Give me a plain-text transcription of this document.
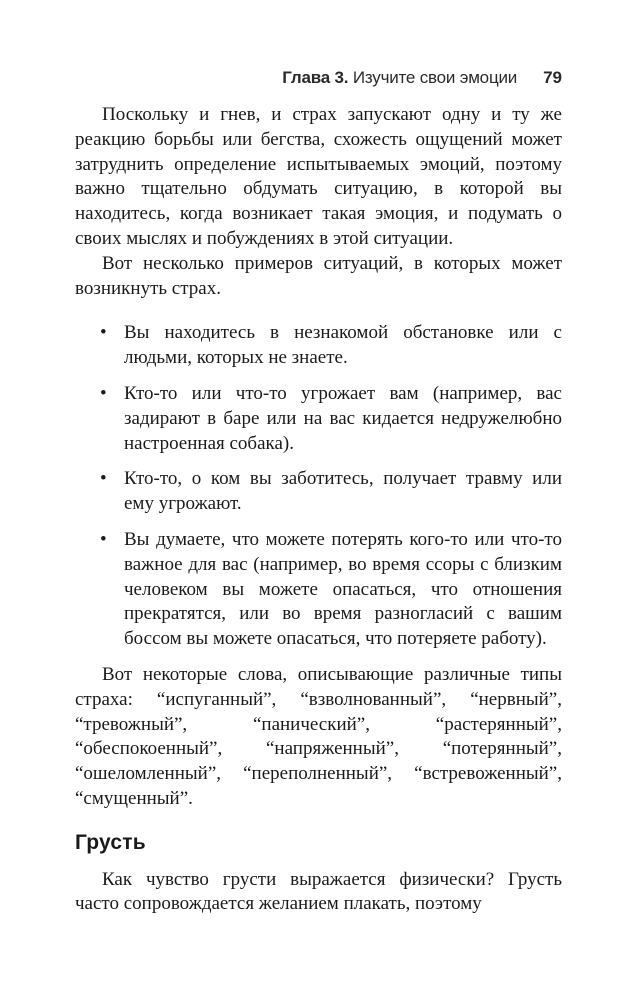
Глава 3. Изучите свои эмоции 79

Поскольку и гнев, и страх запускают одну и ту же реакцию борьбы или бегства, схожесть ощущений может затруднить определение испытываемых эмоций, поэтому важно тщательно обдумать ситуацию, в которой вы находитесь, когда возникает такая эмоция, и подумать о своих мыслях и побуждениях в этой ситуации.

Вот несколько примеров ситуаций, в которых может возникнуть страх.

• Вы находитесь в незнакомой обстановке или с людьми, которых не знаете.
• Кто-то или что-то угрожает вам (например, вас задирают в баре или на вас кидается недружелюбно настроенная собака).
• Кто-то, о ком вы заботитесь, получает травму или ему угрожают.
• Вы думаете, что можете потерять кого-то или что-то важное для вас (например, во время ссоры с близким человеком вы можете опасаться, что отношения прекратятся, или во время разногласий с вашим боссом вы можете опасаться, что потеряете работу).

Вот некоторые слова, описывающие различные типы страха: “испуганный”, “взволнованный”, “нервный”, “тревожный”, “панический”, “растерянный”, “обеспокоенный”, “напряженный”, “потерянный”, “ошеломленный”, “переполненный”, “встревоженный”, “смущенный”.

Грусть

Как чувство грусти выражается физически? Грусть часто сопровождается желанием плакать, поэтому
